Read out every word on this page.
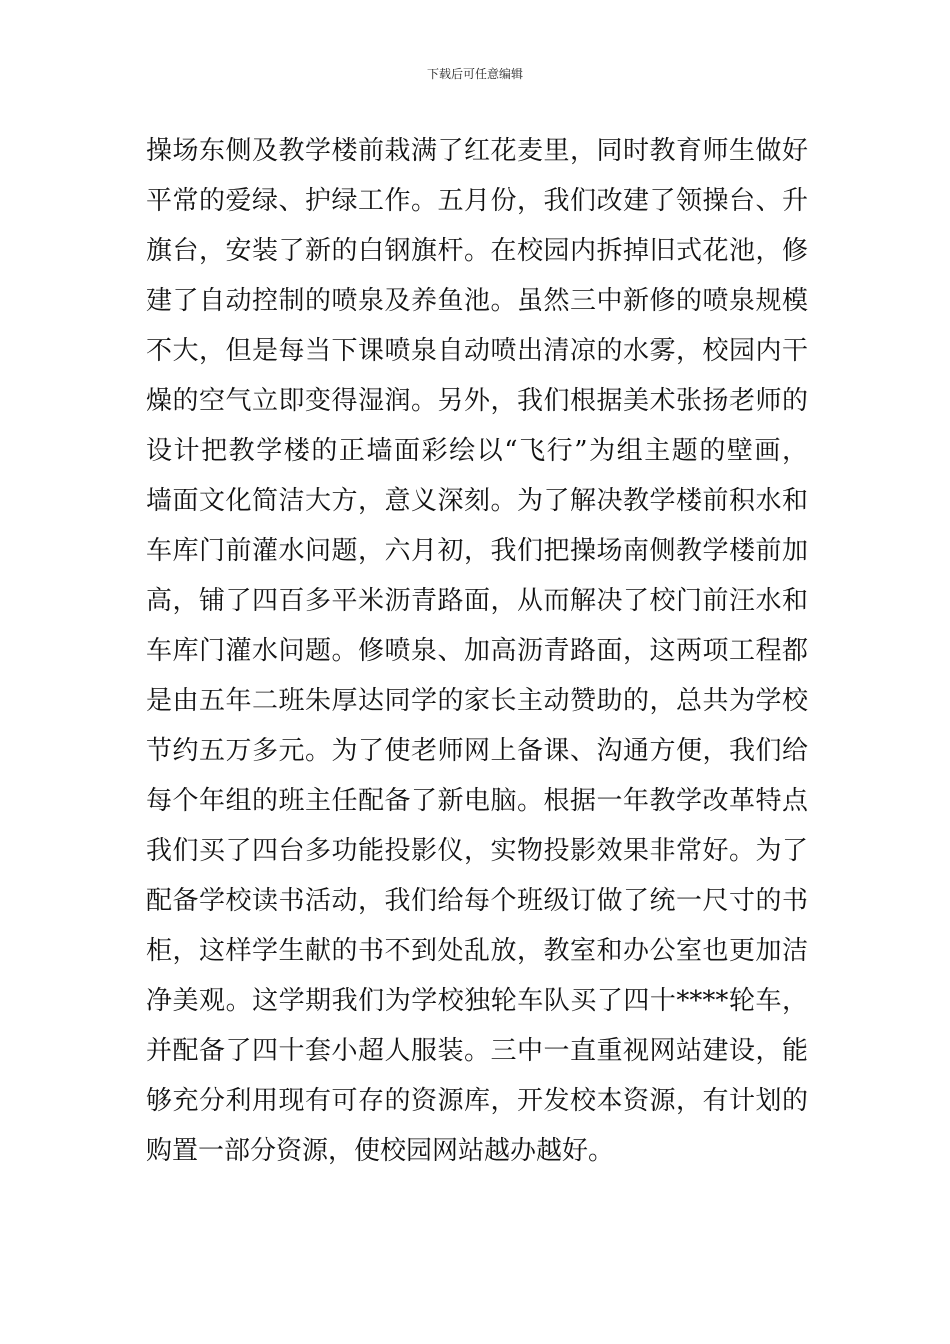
下载后可任意编辑
操场东侧及教学楼前栽满了红花麦里，同时教育师生做好
平常的爱绿、护绿工作。五月份，我们改建了领操台、升
旗台，安装了新的白钢旗杆。在校园内拆掉旧式花池，修
建了自动控制的喷泉及养鱼池。虽然三中新修的喷泉规模
不大，但是每当下课喷泉自动喷出清凉的水雾，校园内干
燥的空气立即变得湿润。另外，我们根据美术张扬老师的
设计把教学楼的正墙面彩绘以“飞行”为组主题的壁画，
墙面文化简洁大方，意义深刻。为了解决教学楼前积水和
车库门前灌水问题，六月初，我们把操场南侧教学楼前加
高，铺了四百多平米沥青路面，从而解决了校门前汪水和
车库门灌水问题。修喷泉、加高沥青路面，这两项工程都
是由五年二班朱厚达同学的家长主动赞助的，总共为学校
节约五万多元。为了使老师网上备课、沟通方便，我们给
每个年组的班主任配备了新电脑。根据一年教学改革特点
我们买了四台多功能投影仪，实物投影效果非常好。为了
配备学校读书活动，我们给每个班级订做了统一尺寸的书
柜，这样学生献的书不到处乱放，教室和办公室也更加洁
净美观。这学期我们为学校独轮车队买了四十****轮车，
并配备了四十套小超人服装。三中一直重视网站建设，能
够充分利用现有可存的资源库，开发校本资源，有计划的
购置一部分资源，使校园网站越办越好。
